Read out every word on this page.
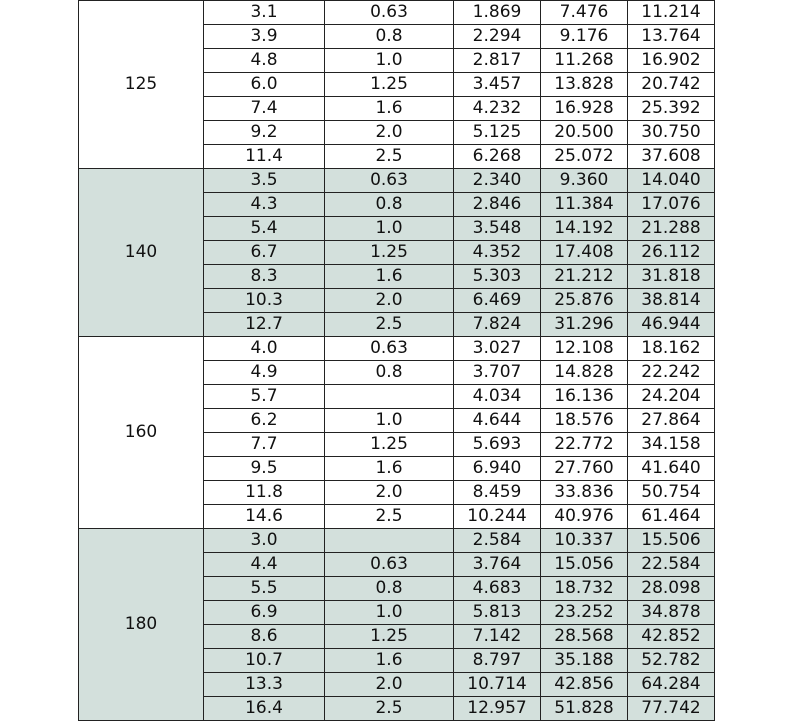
125	3.1	0.63	1.869	7.476	11.214
	3.9	0.8	2.294	9.176	13.764
	4.8	1.0	2.817	11.268	16.902
	6.0	1.25	3.457	13.828	20.742
	7.4	1.6	4.232	16.928	25.392
	9.2	2.0	5.125	20.500	30.750
	11.4	2.5	6.268	25.072	37.608
140	3.5	0.63	2.340	9.360	14.040
	4.3	0.8	2.846	11.384	17.076
	5.4	1.0	3.548	14.192	21.288
	6.7	1.25	4.352	17.408	26.112
	8.3	1.6	5.303	21.212	31.818
	10.3	2.0	6.469	25.876	38.814
	12.7	2.5	7.824	31.296	46.944
160	4.0	0.63	3.027	12.108	18.162
	4.9	0.8	3.707	14.828	22.242
	5.7		4.034	16.136	24.204
	6.2	1.0	4.644	18.576	27.864
	7.7	1.25	5.693	22.772	34.158
	9.5	1.6	6.940	27.760	41.640
	11.8	2.0	8.459	33.836	50.754
	14.6	2.5	10.244	40.976	61.464
180	3.0		2.584	10.337	15.506
	4.4	0.63	3.764	15.056	22.584
	5.5	0.8	4.683	18.732	28.098
	6.9	1.0	5.813	23.252	34.878
	8.6	1.25	7.142	28.568	42.852
	10.7	1.6	8.797	35.188	52.782
	13.3	2.0	10.714	42.856	64.284
	16.4	2.5	12.957	51.828	77.742
